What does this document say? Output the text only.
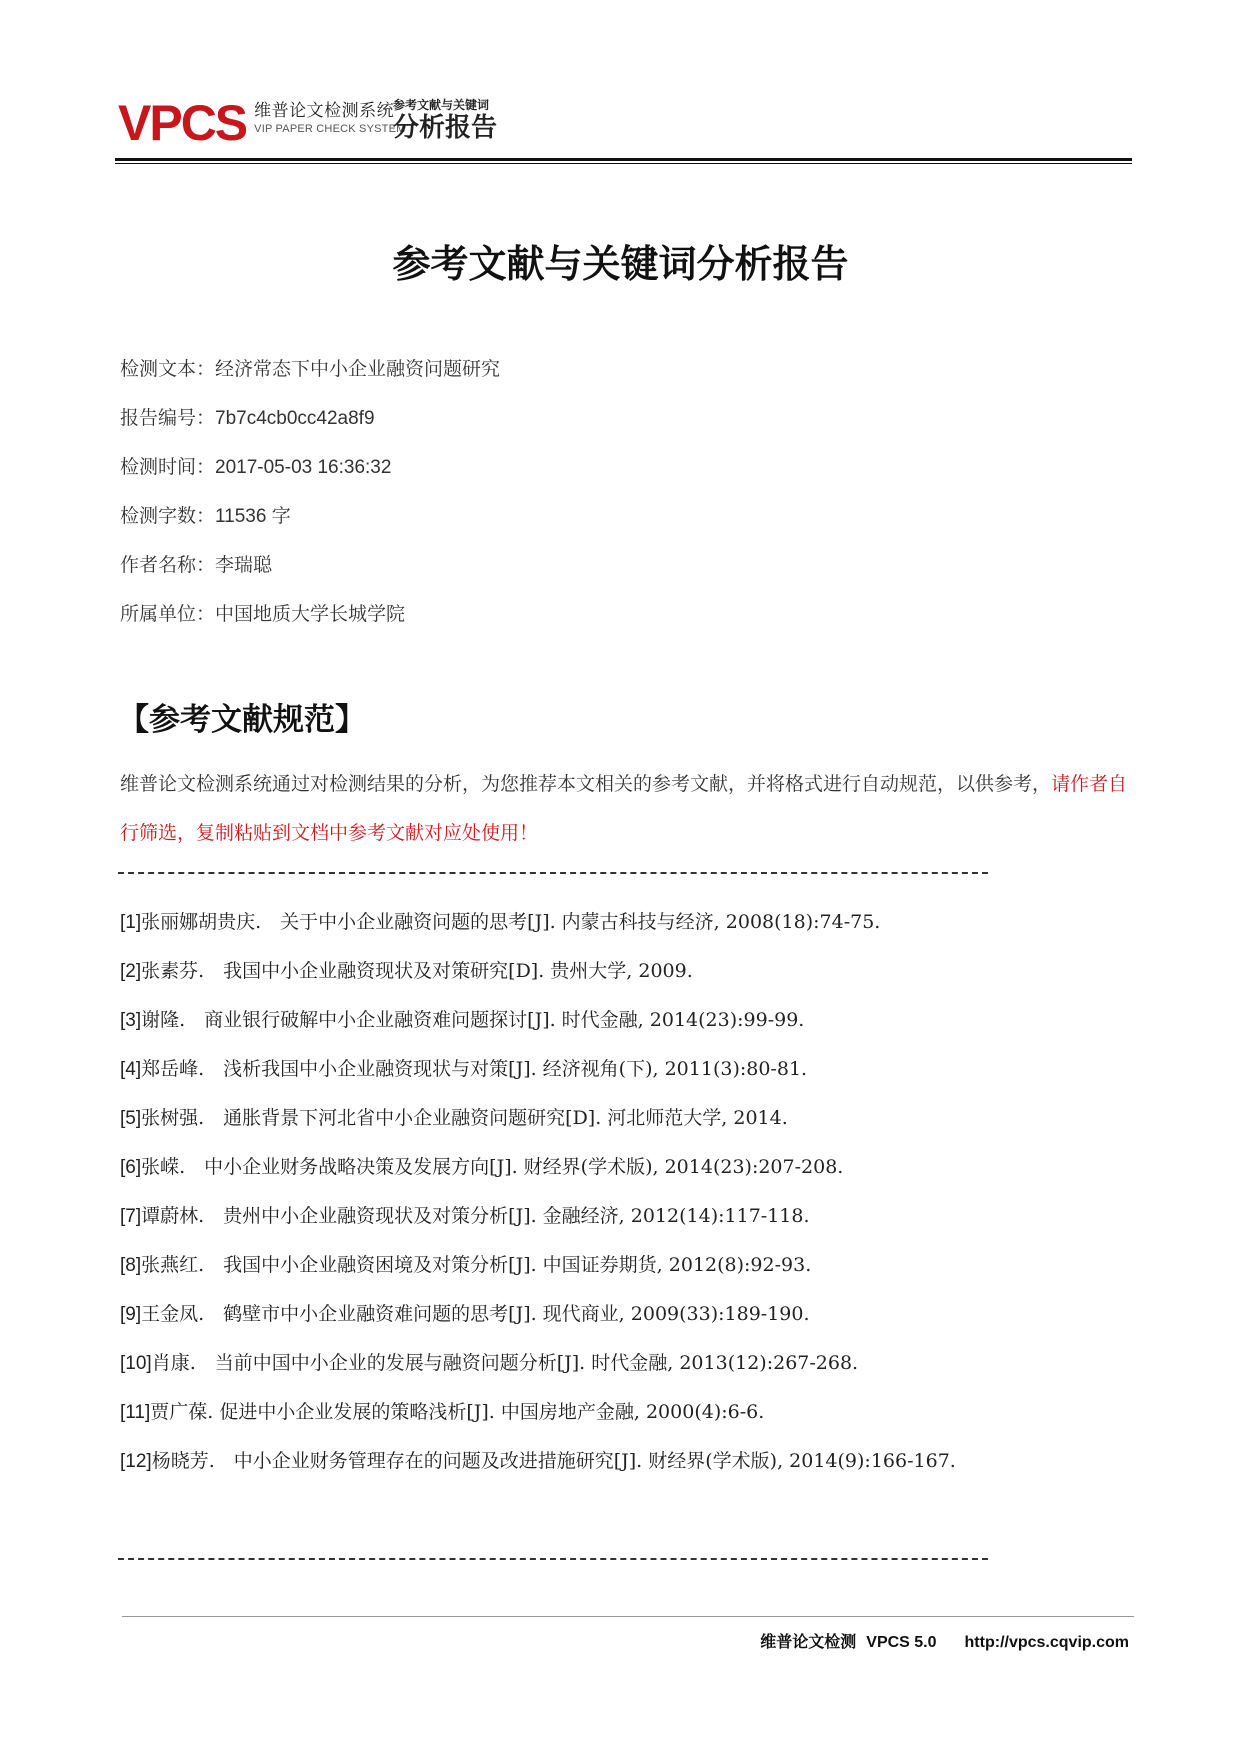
VPCS 维普论文检测系统
VIP PAPER CHECK SYSTEM
参考文献与关键词
分析报告
参考文献与关键词分析报告
检测文本：经济常态下中小企业融资问题研究
报告编号：7b7c4cb0cc42a8f9
检测时间：2017-05-03 16:36:32
检测字数：11536 字
作者名称：李瑞聪
所属单位：中国地质大学长城学院
【参考文献规范】
维普论文检测系统通过对检测结果的分析，为您推荐本文相关的参考文献，并将格式进行自动规范，以供参考，请作者自行筛选，复制粘贴到文档中参考文献对应处使用！
[1]张丽娜胡贵庆.　关于中小企业融资问题的思考[J]. 内蒙古科技与经济, 2008(18):74-75.
[2]张素芬.　我国中小企业融资现状及对策研究[D]. 贵州大学, 2009.
[3]谢隆.　商业银行破解中小企业融资难问题探讨[J]. 时代金融, 2014(23):99-99.
[4]郑岳峰.　浅析我国中小企业融资现状与对策[J]. 经济视角(下), 2011(3):80-81.
[5]张树强.　通胀背景下河北省中小企业融资问题研究[D]. 河北师范大学, 2014.
[6]张嵘.　中小企业财务战略决策及发展方向[J]. 财经界(学术版), 2014(23):207-208.
[7]谭蔚林.　贵州中小企业融资现状及对策分析[J]. 金融经济, 2012(14):117-118.
[8]张燕红.　我国中小企业融资困境及对策分析[J]. 中国证券期货, 2012(8):92-93.
[9]王金凤.　鹤壁市中小企业融资难问题的思考[J]. 现代商业, 2009(33):189-190.
[10]肖康.　当前中国中小企业的发展与融资问题分析[J]. 时代金融, 2013(12):267-268.
[11]贾广葆. 促进中小企业发展的策略浅析[J]. 中国房地产金融, 2000(4):6-6.
[12]杨晓芳.　中小企业财务管理存在的问题及改进措施研究[J]. 财经界(学术版), 2014(9):166-167.
维普论文检测 VPCS 5.0 http://vpcs.cqvip.com
